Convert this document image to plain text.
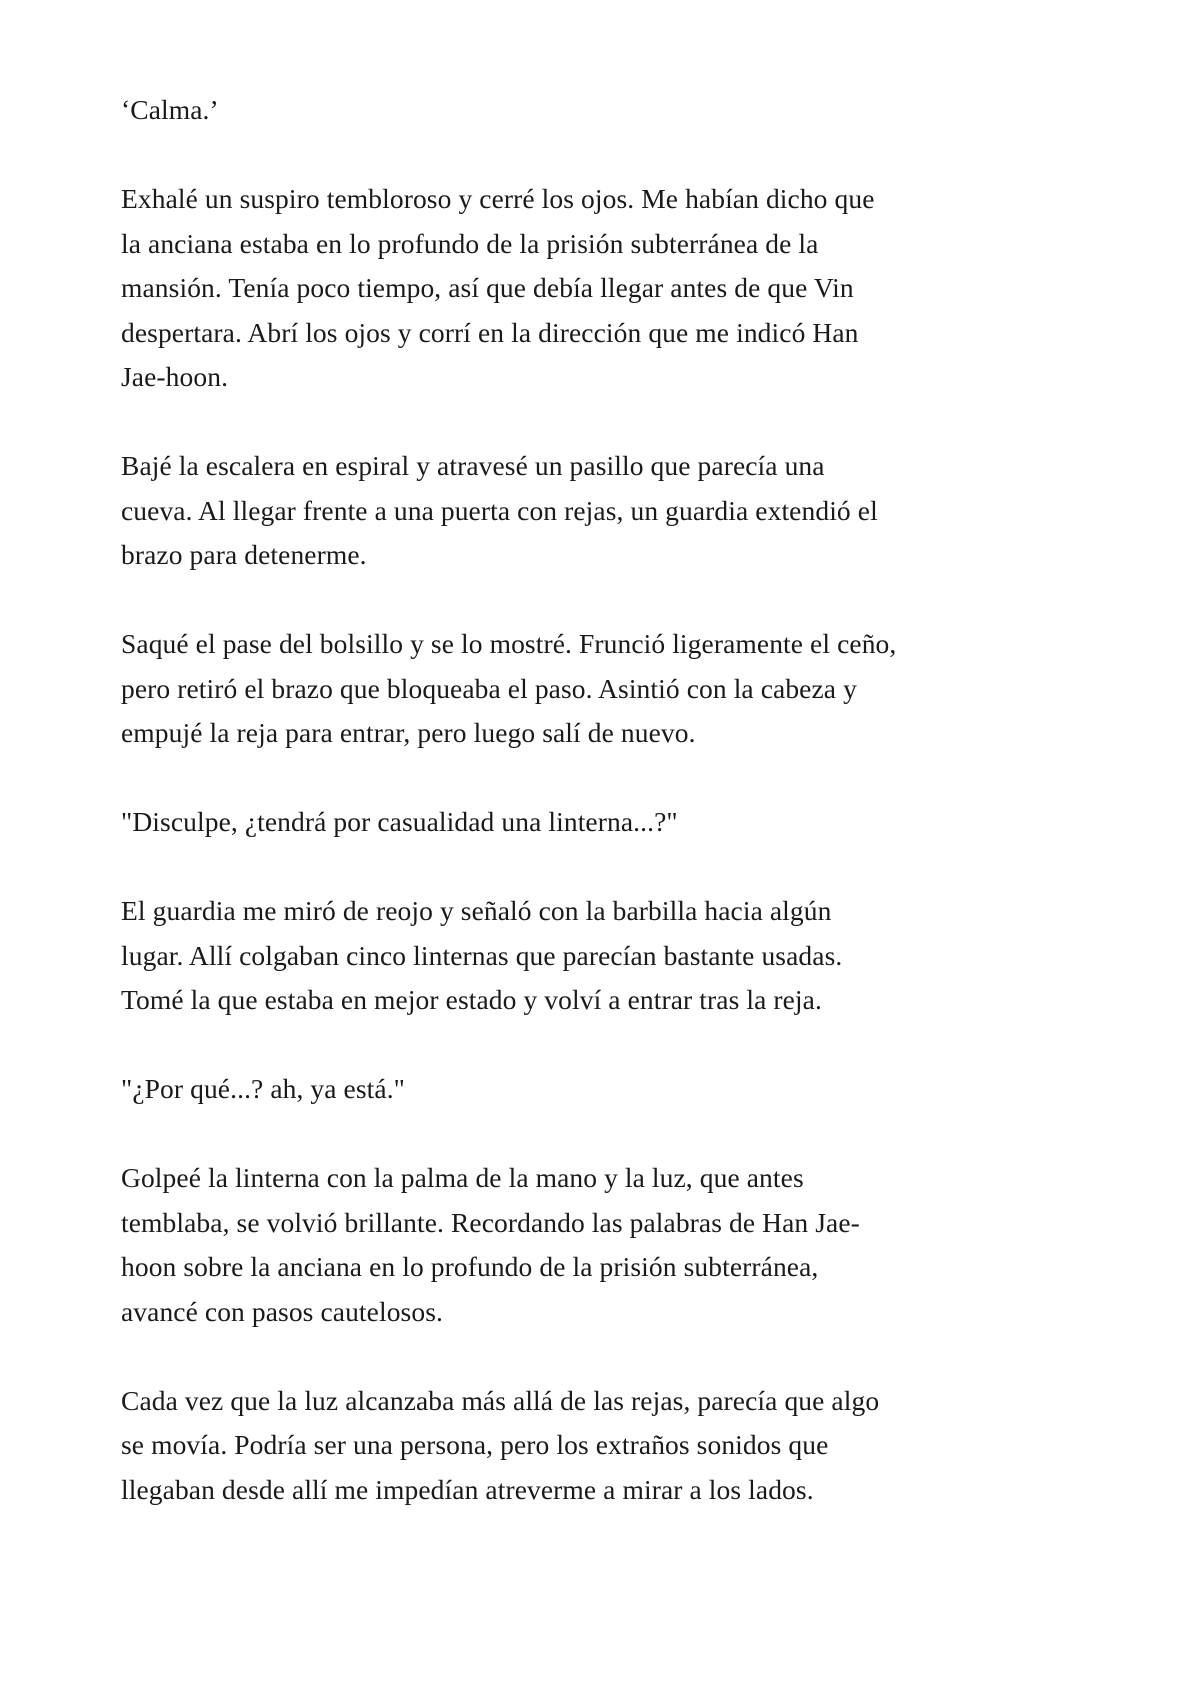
‘Calma.’

Exhalé un suspiro tembloroso y cerré los ojos. Me habían dicho que
la anciana estaba en lo profundo de la prisión subterránea de la
mansión. Tenía poco tiempo, así que debía llegar antes de que Vin
despertara. Abrí los ojos y corrí en la dirección que me indicó Han
Jae-hoon.

Bajé la escalera en espiral y atravesé un pasillo que parecía una
cueva. Al llegar frente a una puerta con rejas, un guardia extendió el
brazo para detenerme.

Saqué el pase del bolsillo y se lo mostré. Frunció ligeramente el ceño,
pero retiró el brazo que bloqueaba el paso. Asintió con la cabeza y
empujé la reja para entrar, pero luego salí de nuevo.

"Disculpe, ¿tendrá por casualidad una linterna...?"

El guardia me miró de reojo y señaló con la barbilla hacia algún
lugar. Allí colgaban cinco linternas que parecían bastante usadas.
Tomé la que estaba en mejor estado y volví a entrar tras la reja.

"¿Por qué...? ah, ya está."

Golpeé la linterna con la palma de la mano y la luz, que antes
temblaba, se volvió brillante. Recordando las palabras de Han Jae-
hoon sobre la anciana en lo profundo de la prisión subterránea,
avancé con pasos cautelosos.

Cada vez que la luz alcanzaba más allá de las rejas, parecía que algo
se movía. Podría ser una persona, pero los extraños sonidos que
llegaban desde allí me impedían atreverme a mirar a los lados.
